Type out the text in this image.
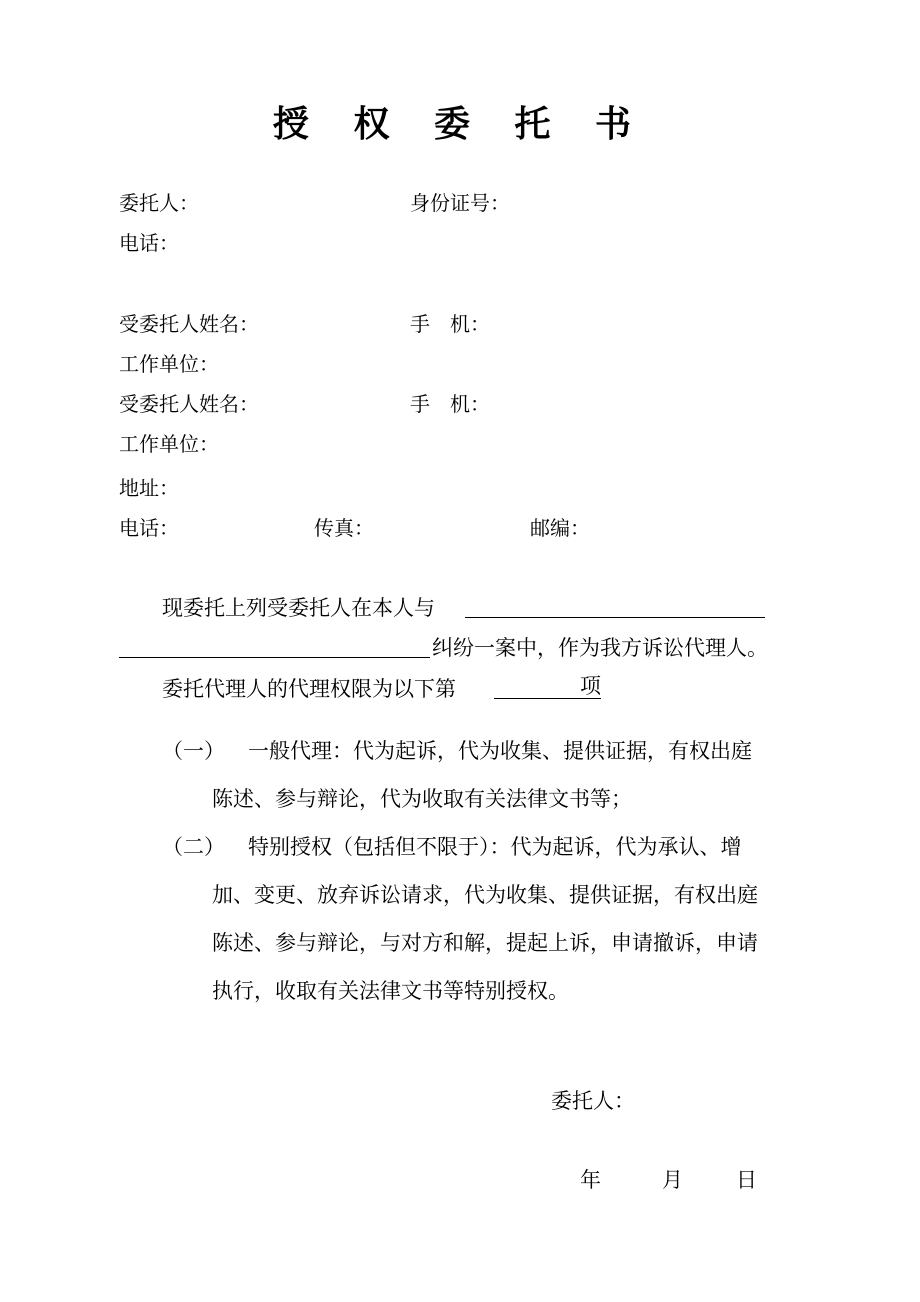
授 权 委 托 书
委托人：	身份证号：
电话：
受委托人姓名：	手　机：
工作单位：
受委托人姓名：	手　机：
工作单位：
地址：
电话：	传真：	邮编：
现委托上列受委托人在本人与
纠纷一案中，作为我方诉讼代理人。
委托代理人的代理权限为以下第	项
（一） 一般代理：代为起诉，代为收集、提供证据，有权出庭
陈述、参与辩论，代为收取有关法律文书等；
（二） 特别授权（包括但不限于）：代为起诉，代为承认、增
加、变更、放弃诉讼请求，代为收集、提供证据，有权出庭
陈述、参与辩论，与对方和解，提起上诉，申请撤诉，申请
执行，收取有关法律文书等特别授权。
委托人：
年	月	日
